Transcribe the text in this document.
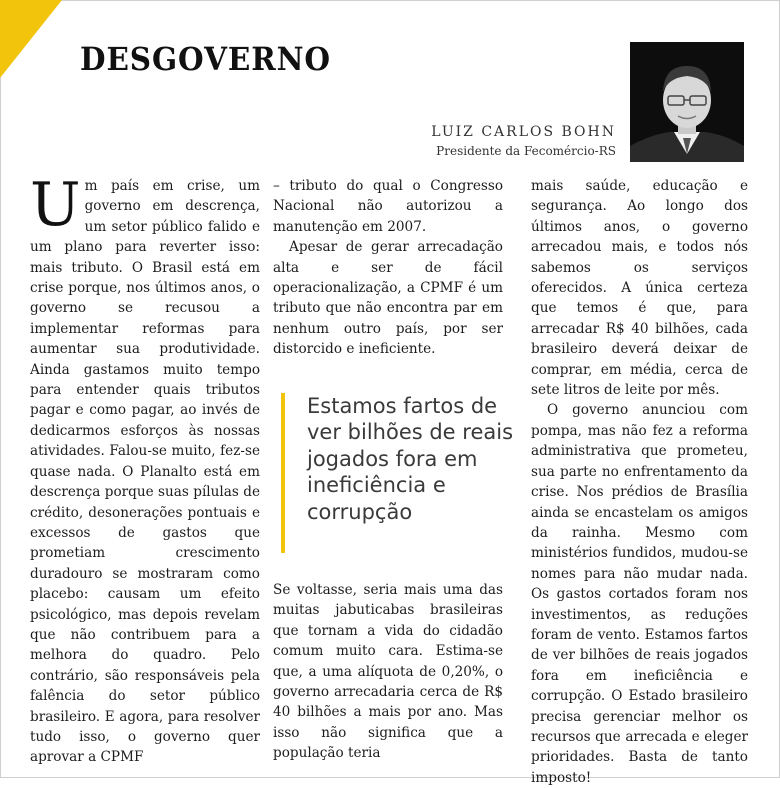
DESGOVERNO
LUIZ CARLOS BOHN
Presidente da Fecomércio-RS

Um país em crise, um governo em descrença, um setor público falido e um plano para reverter isso: mais tributo. O Brasil está em crise porque, nos últimos anos, o governo se recusou a implementar reformas para aumentar sua produtividade. Ainda gastamos muito tempo para entender quais tributos pagar e como pagar, ao invés de dedicarmos esforços às nossas atividades. Falou-se muito, fez-se quase nada. O Planalto está em descrença porque suas pílulas de crédito, desonerações pontuais e excessos de gastos que prometiam crescimento duradouro se mostraram como placebo: causam um efeito psicológico, mas depois revelam que não contribuem para a melhora do quadro. Pelo contrário, são responsáveis pela falência do setor público brasileiro. E agora, para resolver tudo isso, o governo quer aprovar a CPMF

– tributo do qual o Congresso Nacional não autorizou a manutenção em 2007.

Apesar de gerar arrecadação alta e ser de fácil operacionalização, a CPMF é um tributo que não encontra par em nenhum outro país, por ser distorcido e ineficiente.

Estamos fartos de ver bilhões de reais jogados fora em ineficiência e corrupção

Se voltasse, seria mais uma das muitas jabuticabas brasileiras que tornam a vida do cidadão comum muito cara. Estima-se que, a uma alíquota de 0,20%, o governo arrecadaria cerca de R$ 40 bilhões a mais por ano. Mas isso não significa que a população teria

mais saúde, educação e segurança. Ao longo dos últimos anos, o governo arrecadou mais, e todos nós sabemos os serviços oferecidos. A única certeza que temos é que, para arrecadar R$ 40 bilhões, cada brasileiro deverá deixar de comprar, em média, cerca de sete litros de leite por mês.

O governo anunciou com pompa, mas não fez a reforma administrativa que prometeu, sua parte no enfrentamento da crise. Nos prédios de Brasília ainda se encastelam os amigos da rainha. Mesmo com ministérios fundidos, mudou-se nomes para não mudar nada. Os gastos cortados foram nos investimentos, as reduções foram de vento. Estamos fartos de ver bilhões de reais jogados fora em ineficiência e corrupção. O Estado brasileiro precisa gerenciar melhor os recursos que arrecada e eleger prioridades. Basta de tanto imposto!
